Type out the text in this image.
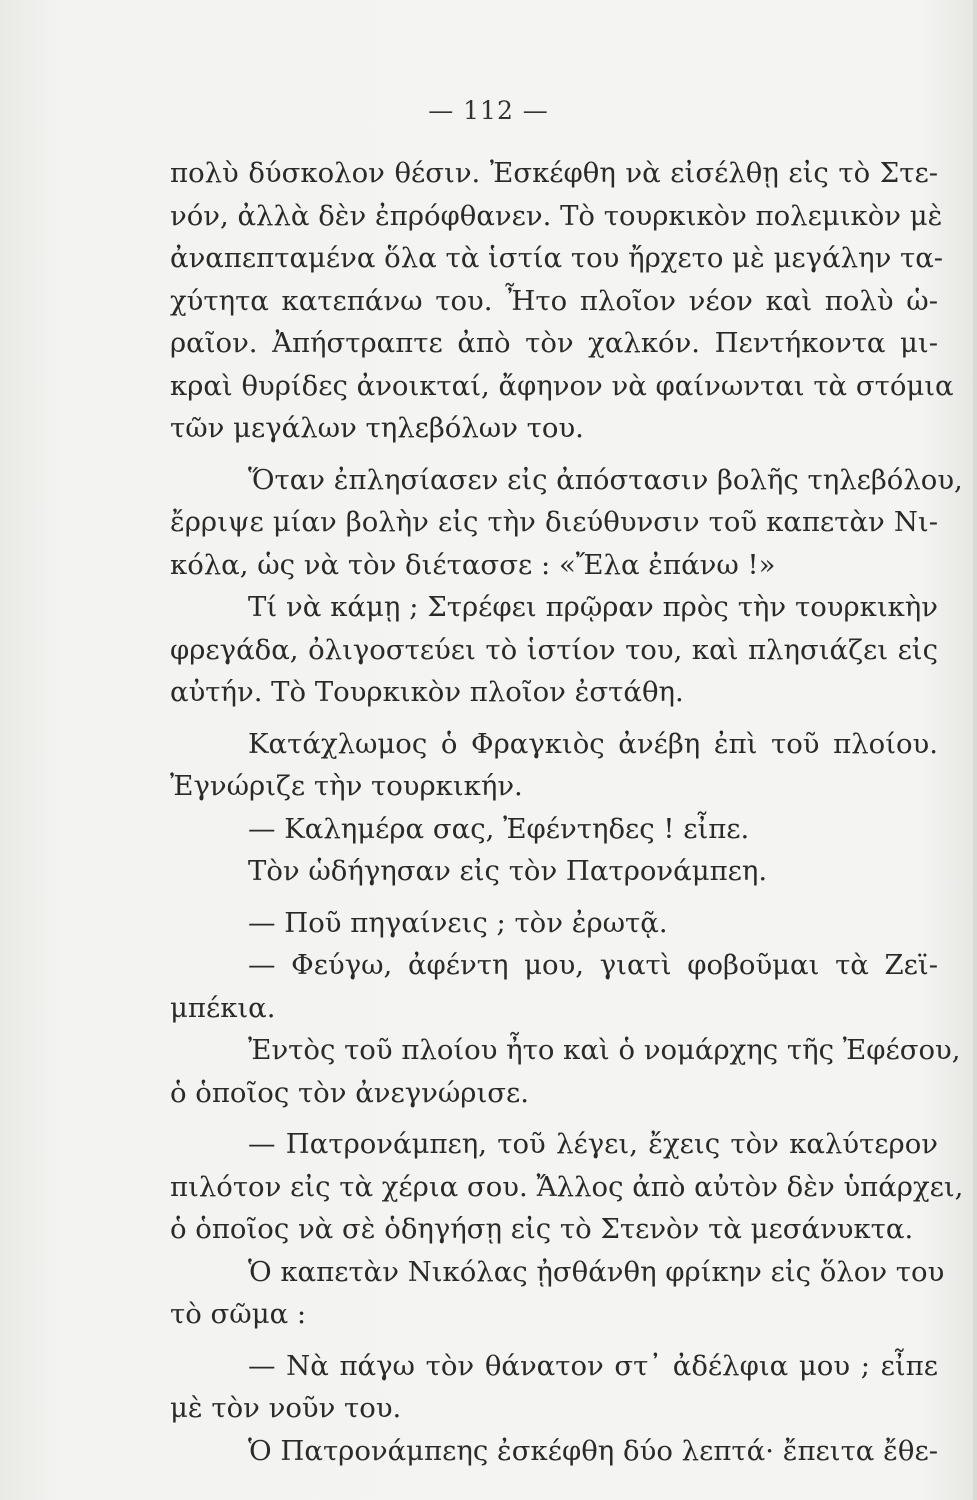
— 112 —
πολὺ δύσκολον θέσιν. Ἐσκέφθη νὰ εἰσέλθῃ εἰς τὸ Στε-
νόν, ἀλλὰ δὲν ἐπρόφθανεν. Τὸ τουρκικὸν πολεμικὸν μὲ
ἀναπεπταμένα ὅλα τὰ ἱστία του ἤρχετο μὲ μεγάλην τα-
χύτητα κατεπάνω του. Ἦτο πλοῖον νέον καὶ πολὺ ὡ-
ραῖον. Ἀπήστραπτε ἀπὸ τὸν χαλκόν. Πεντήκοντα μι-
κραὶ θυρίδες ἀνοικταί, ἄφηνον νὰ φαίνωνται τὰ στόμια
τῶν μεγάλων τηλεβόλων του.
Ὅταν ἐπλησίασεν εἰς ἀπόστασιν βολῆς τηλεβόλου,
ἔρριψε μίαν βολὴν εἰς τὴν διεύθυνσιν τοῦ καπετὰν Νι-
κόλα, ὡς νὰ τὸν διέτασσε : «Ἔλα ἐπάνω !»
Τί νὰ κάμῃ ; Στρέφει πρῷραν πρὸς τὴν τουρκικὴν
φρεγάδα, ὀλιγοστεύει τὸ ἱστίον του, καὶ πλησιάζει εἰς
αὐτήν. Τὸ Τουρκικὸν πλοῖον ἐστάθη.
Κατάχλωμος ὁ Φραγκιὸς ἀνέβη ἐπὶ τοῦ πλοίου.
Ἐγνώριζε τὴν τουρκικήν.
— Καλημέρα σας, Ἐφέντηδες ! εἶπε.
Τὸν ὡδήγησαν εἰς τὸν Πατρονάμπεη.
— Ποῦ πηγαίνεις ; τὸν ἐρωτᾷ.
— Φεύγω, ἀφέντη μου, γιατὶ φοβοῦμαι τὰ Ζεϊ-
μπέκια.
Ἐντὸς τοῦ πλοίου ἦτο καὶ ὁ νομάρχης τῆς Ἐφέσου,
ὁ ὁποῖος τὸν ἀνεγνώρισε.
— Πατρονάμπεη, τοῦ λέγει, ἔχεις τὸν καλύτερον
πιλότον εἰς τὰ χέρια σου. Ἄλλος ἀπὸ αὐτὸν δὲν ὑπάρχει,
ὁ ὁποῖος νὰ σὲ ὁδηγήσῃ εἰς τὸ Στενὸν τὰ μεσάνυκτα.
Ὁ καπετὰν Νικόλας ᾐσθάνθη φρίκην εἰς ὅλον του
τὸ σῶμα :
— Νὰ πάγω τὸν θάνατον στ᾽ ἀδέλφια μου ; εἶπε
μὲ τὸν νοῦν του.
Ὁ Πατρονάμπεης ἐσκέφθη δύο λεπτά· ἔπειτα ἔθε-
